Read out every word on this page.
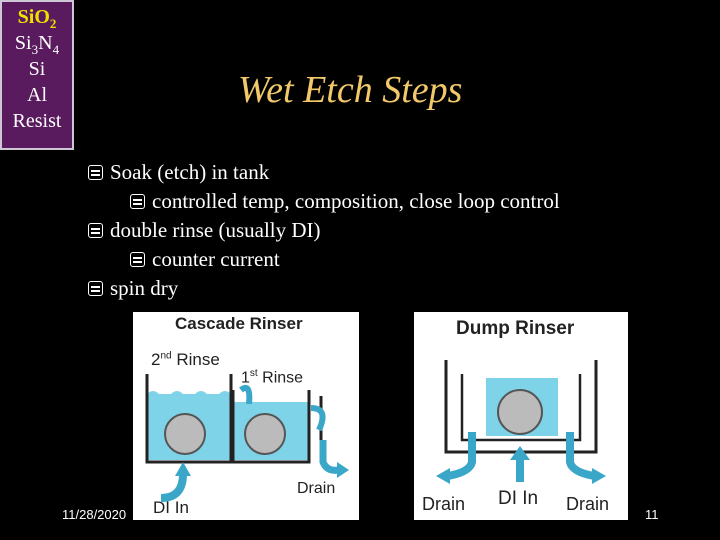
SiO$_2$
$Si_3N_4$
Si
Al
Resist
Wet Etch Steps
Soak (etch) in tank
controlled temp, composition, close loop control
double rinse (usually DI)
counter current
spin dry
Cascade Rinser
2nd Rinse
1st Rinse
Drain
DI In
Dump Rinser
Drain DI In Drain
11/28/2020	11
